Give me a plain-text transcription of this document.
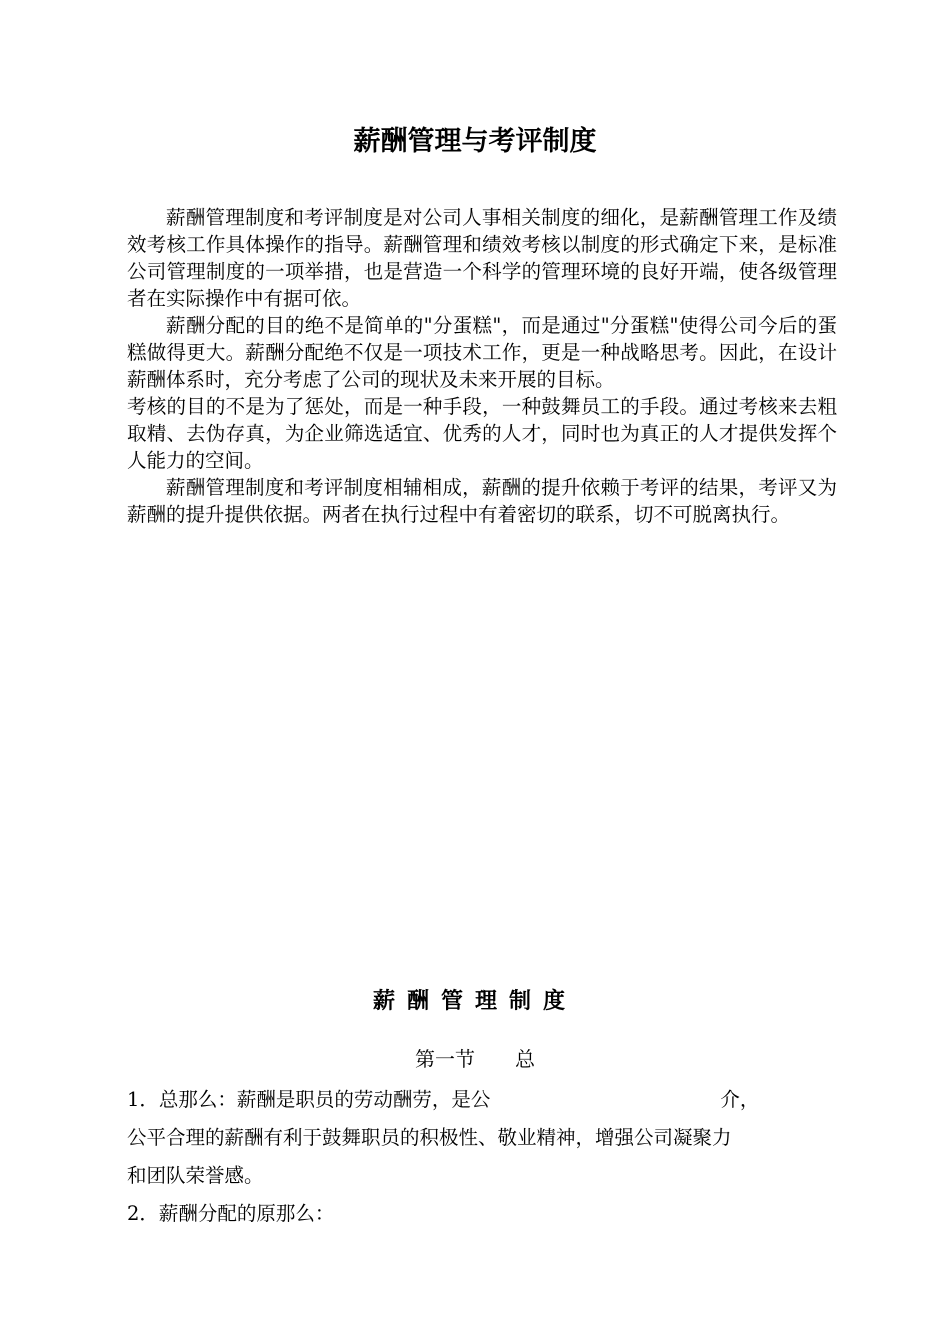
薪酬管理与考评制度

薪酬管理制度和考评制度是对公司人事相关制度的细化，是薪酬管理工作及绩效考核工作具体操作的指导。薪酬管理和绩效考核以制度的形式确定下来，是标准公司管理制度的一项举措，也是营造一个科学的管理环境的良好开端，使各级管理者在实际操作中有据可依。

薪酬分配的目的绝不是简单的"分蛋糕"，而是通过"分蛋糕"使得公司今后的蛋糕做得更大。薪酬分配绝不仅是一项技术工作，更是一种战略思考。因此，在设计薪酬体系时，充分考虑了公司的现状及未来开展的目标。

考核的目的不是为了惩处，而是一种手段，一种鼓舞员工的手段。通过考核来去粗取精、去伪存真，为企业筛选适宜、优秀的人才，同时也为真正的人才提供发挥个人能力的空间。

薪酬管理制度和考评制度相辅相成，薪酬的提升依赖于考评的结果，考评又为薪酬的提升提供依据。两者在执行过程中有着密切的联系，切不可脱离执行。

薪酬管理制度
第一节　　总

1．总那么：薪酬是职员的劳动酬劳，是公	介，

公平合理的薪酬有利于鼓舞职员的积极性、敬业精神，增强公司凝聚力

和团队荣誉感。

2．薪酬分配的原那么：
